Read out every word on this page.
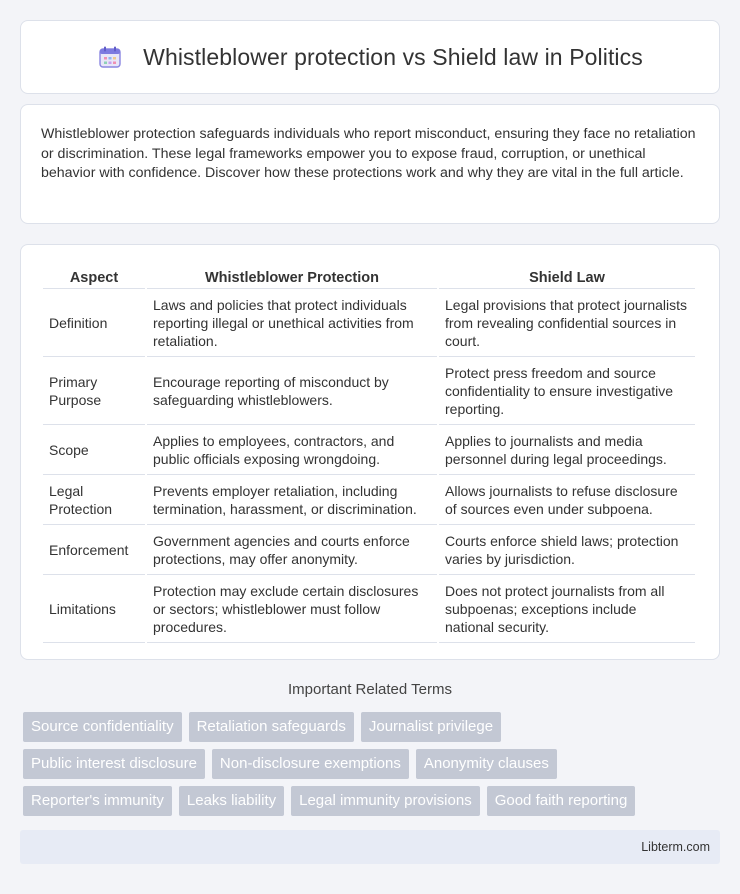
Whistleblower protection vs Shield law in Politics

Whistleblower protection safeguards individuals who report misconduct, ensuring they face no retaliation or discrimination. These legal frameworks empower you to expose fraud, corruption, or unethical behavior with confidence. Discover how these protections work and why they are vital in the full article.

Aspect	Whistleblower Protection	Shield Law
Definition	Laws and policies that protect individuals reporting illegal or unethical activities from retaliation.	Legal provisions that protect journalists from revealing confidential sources in court.
Primary Purpose	Encourage reporting of misconduct by safeguarding whistleblowers.	Protect press freedom and source confidentiality to ensure investigative reporting.
Scope	Applies to employees, contractors, and public officials exposing wrongdoing.	Applies to journalists and media personnel during legal proceedings.
Legal Protection	Prevents employer retaliation, including termination, harassment, or discrimination.	Allows journalists to refuse disclosure of sources even under subpoena.
Enforcement	Government agencies and courts enforce protections, may offer anonymity.	Courts enforce shield laws; protection varies by jurisdiction.
Limitations	Protection may exclude certain disclosures or sectors; whistleblower must follow procedures.	Does not protect journalists from all subpoenas; exceptions include national security.
Important Related Terms
Source confidentiality	Retaliation safeguards	Journalist privilege
Public interest disclosure	Non-disclosure exemptions	Anonymity clauses
Reporter's immunity	Leaks liability	Legal immunity provisions	Good faith reporting
Libterm.com
